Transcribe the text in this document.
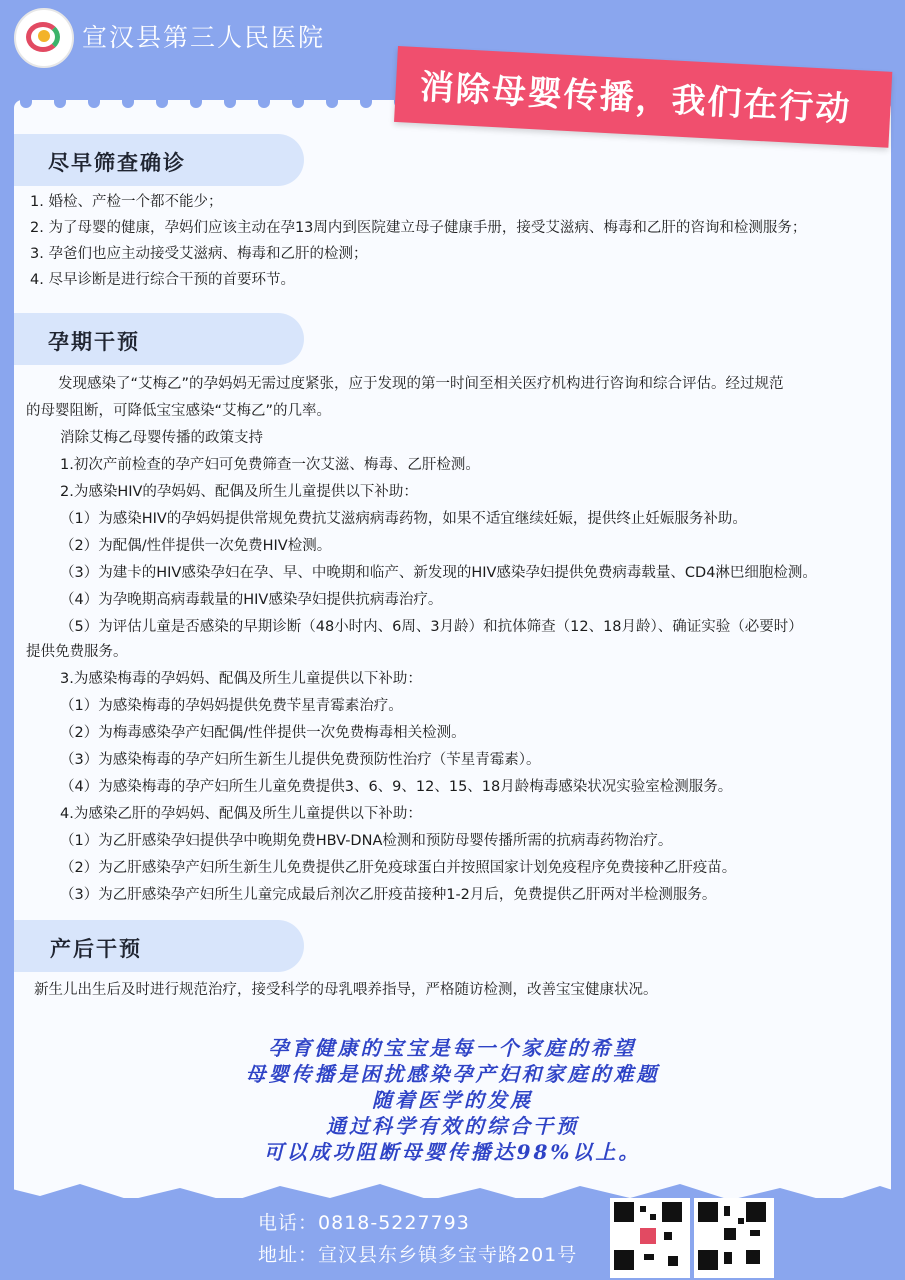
宣汉县第三人民医院
消除母婴传播，我们在行动
尽早筛查确诊
1. 婚检、产检一个都不能少；
2. 为了母婴的健康，孕妈们应该主动在孕13周内到医院建立母子健康手册，接受艾滋病、梅毒和乙肝的咨询和检测服务；
3. 孕爸们也应主动接受艾滋病、梅毒和乙肝的检测；
4. 尽早诊断是进行综合干预的首要环节。
孕期干预
发现感染了“艾梅乙”的孕妈妈无需过度紧张，应于发现的第一时间至相关医疗机构进行咨询和综合评估。经过规范
的母婴阻断，可降低宝宝感染“艾梅乙”的几率。
消除艾梅乙母婴传播的政策支持
1.初次产前检查的孕产妇可免费筛查一次艾滋、梅毒、乙肝检测。
2.为感染HIV的孕妈妈、配偶及所生儿童提供以下补助：
（1）为感染HIV的孕妈妈提供常规免费抗艾滋病病毒药物，如果不适宜继续妊娠，提供终止妊娠服务补助。
（2）为配偶/性伴提供一次免费HIV检测。
（3）为建卡的HIV感染孕妇在孕、早、中晚期和临产、新发现的HIV感染孕妇提供免费病毒载量、CD4淋巴细胞检测。
（4）为孕晚期高病毒载量的HIV感染孕妇提供抗病毒治疗。
（5）为评估儿童是否感染的早期诊断（48小时内、6周、3月龄）和抗体筛查（12、18月龄）、确证实验（必要时）
提供免费服务。
3.为感染梅毒的孕妈妈、配偶及所生儿童提供以下补助：
（1）为感染梅毒的孕妈妈提供免费苄星青霉素治疗。
（2）为梅毒感染孕产妇配偶/性伴提供一次免费梅毒相关检测。
（3）为感染梅毒的孕产妇所生新生儿提供免费预防性治疗（苄星青霉素）。
（4）为感染梅毒的孕产妇所生儿童免费提供3、6、9、12、15、18月龄梅毒感染状况实验室检测服务。
4.为感染乙肝的孕妈妈、配偶及所生儿童提供以下补助：
（1）为乙肝感染孕妇提供孕中晚期免费HBV-DNA检测和预防母婴传播所需的抗病毒药物治疗。
（2）为乙肝感染孕产妇所生新生儿免费提供乙肝免疫球蛋白并按照国家计划免疫程序免费接种乙肝疫苗。
（3）为乙肝感染孕产妇所生儿童完成最后剂次乙肝疫苗接种1-2月后，免费提供乙肝两对半检测服务。
产后干预
新生儿出生后及时进行规范治疗，接受科学的母乳喂养指导，严格随访检测，改善宝宝健康状况。
孕育健康的宝宝是每一个家庭的希望
母婴传播是困扰感染孕产妇和家庭的难题
随着医学的发展
通过科学有效的综合干预
可以成功阻断母婴传播达98%以上。
电话：0818-5227793
地址：宣汉县东乡镇多宝寺路201号
